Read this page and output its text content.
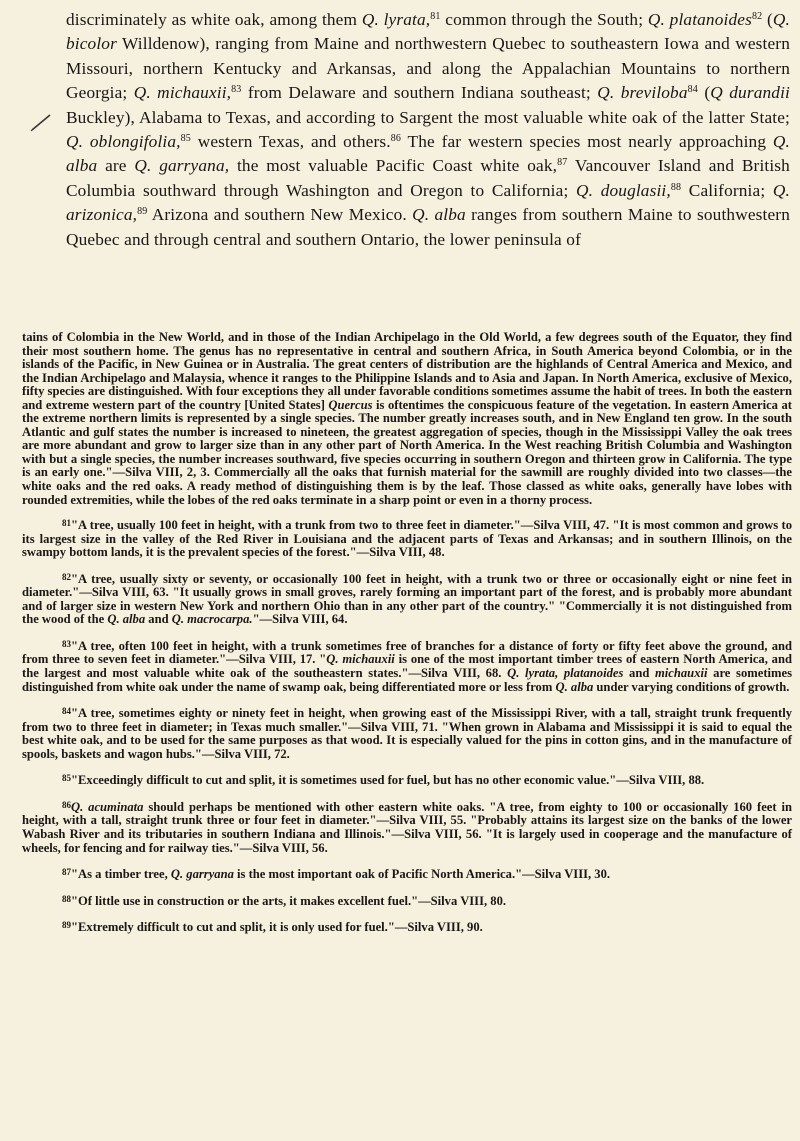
discriminately as white oak, among them Q. lyrata,$^{81}$ common through the South; Q. platanoides$^{82}$ (Q. bicolor Willdenow), ranging from Maine and northwestern Quebec to southeastern Iowa and western Missouri, northern Kentucky and Arkansas, and along the Appalachian Mountains to northern Georgia; Q. michauxii,$^{83}$ from Delaware and southern Indiana southeast; Q. breviloba$^{84}$ (Q durandii Buckley), Alabama to Texas, and according to Sargent the most valuable white oak of the latter State; Q. oblongifolia,$^{85}$ western Texas, and others.$^{86}$ The far western species most nearly approaching Q. alba are Q. garryana, the most valuable Pacific Coast white oak,$^{87}$ Vancouver Island and British Columbia southward through Washington and Oregon to California; Q. douglasii,$^{88}$ California; Q. arizonica,$^{89}$ Arizona and southern New Mexico. Q. alba ranges from southern Maine to southwestern Quebec and through central and southern Ontario, the lower peninsula of

tains of Colombia in the New World, and in those of the Indian Archipelago in the Old World, a few degrees south of the Equator, they find their most southern home. The genus has no representative in central and southern Africa, in South America beyond Colombia, or in the islands of the Pacific, in New Guinea or in Australia. The great centers of distribution are the highlands of Central America and Mexico, and the Indian Archipelago and Malaysia, whence it ranges to the Philippine Islands and to Asia and Japan. In North America, exclusive of Mexico, fifty species are distinguished. With four exceptions they all under favorable conditions sometimes assume the habit of trees. In both the eastern and extreme western part of the country [United States] Quercus is oftentimes the conspicuous feature of the vegetation. In eastern America at the extreme northern limits is represented by a single species. The number greatly increases south, and in New England ten grow. In the south Atlantic and gulf states the number is increased to nineteen, the greatest aggregation of species, though in the Mississippi Valley the oak trees are more abundant and grow to larger size than in any other part of North America. In the West reaching British Columbia and Washington with but a single species, the number increases southward, five species occurring in southern Oregon and thirteen grow in California. The type is an early one."—Silva VIII, 2, 3. Commercially all the oaks that furnish material for the sawmill are roughly divided into two classes—the white oaks and the red oaks. A ready method of distinguishing them is by the leaf. Those classed as white oaks, generally have lobes with rounded extremities, while the lobes of the red oaks terminate in a sharp point or even in a thorny process.

$^{81}$"A tree, usually 100 feet in height, with a trunk from two to three feet in diameter."—Silva VIII, 47. "It is most common and grows to its largest size in the valley of the Red River in Louisiana and the adjacent parts of Texas and Arkansas; and in southern Illinois, on the swampy bottom lands, it is the prevalent species of the forest."—Silva VIII, 48.

$^{82}$"A tree, usually sixty or seventy, or occasionally 100 feet in height, with a trunk two or three or occasionally eight or nine feet in diameter."—Silva VIII, 63. "It usually grows in small groves, rarely forming an important part of the forest, and is probably more abundant and of larger size in western New York and northern Ohio than in any other part of the country." "Commercially it is not distinguished from the wood of the Q. alba and Q. macrocarpa."—Silva VIII, 64.

$^{83}$"A tree, often 100 feet in height, with a trunk sometimes free of branches for a distance of forty or fifty feet above the ground, and from three to seven feet in diameter."—Silva VIII, 17. "Q. michauxii is one of the most important timber trees of eastern North America, and the largest and most valuable white oak of the southeastern states."—Silva VIII, 68. Q. lyrata, platanoides and michauxii are sometimes distinguished from white oak under the name of swamp oak, being differentiated more or less from Q. alba under varying conditions of growth.

$^{84}$"A tree, sometimes eighty or ninety feet in height, when growing east of the Mississippi River, with a tall, straight trunk frequently from two to three feet in diameter; in Texas much smaller."—Silva VIII, 71. "When grown in Alabama and Mississippi it is said to equal the best white oak, and to be used for the same purposes as that wood. It is especially valued for the pins in cotton gins, and in the manufacture of spools, baskets and wagon hubs."—Silva VIII, 72.

$^{85}$"Exceedingly difficult to cut and split, it is sometimes used for fuel, but has no other economic value."—Silva VIII, 88.

$^{86}$Q. acuminata should perhaps be mentioned with other eastern white oaks. "A tree, from eighty to 100 or occasionally 160 feet in height, with a tall, straight trunk three or four feet in diameter."—Silva VIII, 55. "Probably attains its largest size on the banks of the lower Wabash River and its tributaries in southern Indiana and Illinois."—Silva VIII, 56. "It is largely used in cooperage and the manufacture of wheels, for fencing and for railway ties."—Silva VIII, 56.

$^{87}$"As a timber tree, Q. garryana is the most important oak of Pacific North America."—Silva VIII, 30.

$^{88}$"Of little use in construction or the arts, it makes excellent fuel."—Silva VIII, 80.

$^{89}$"Extremely difficult to cut and split, it is only used for fuel."—Silva VIII, 90.
